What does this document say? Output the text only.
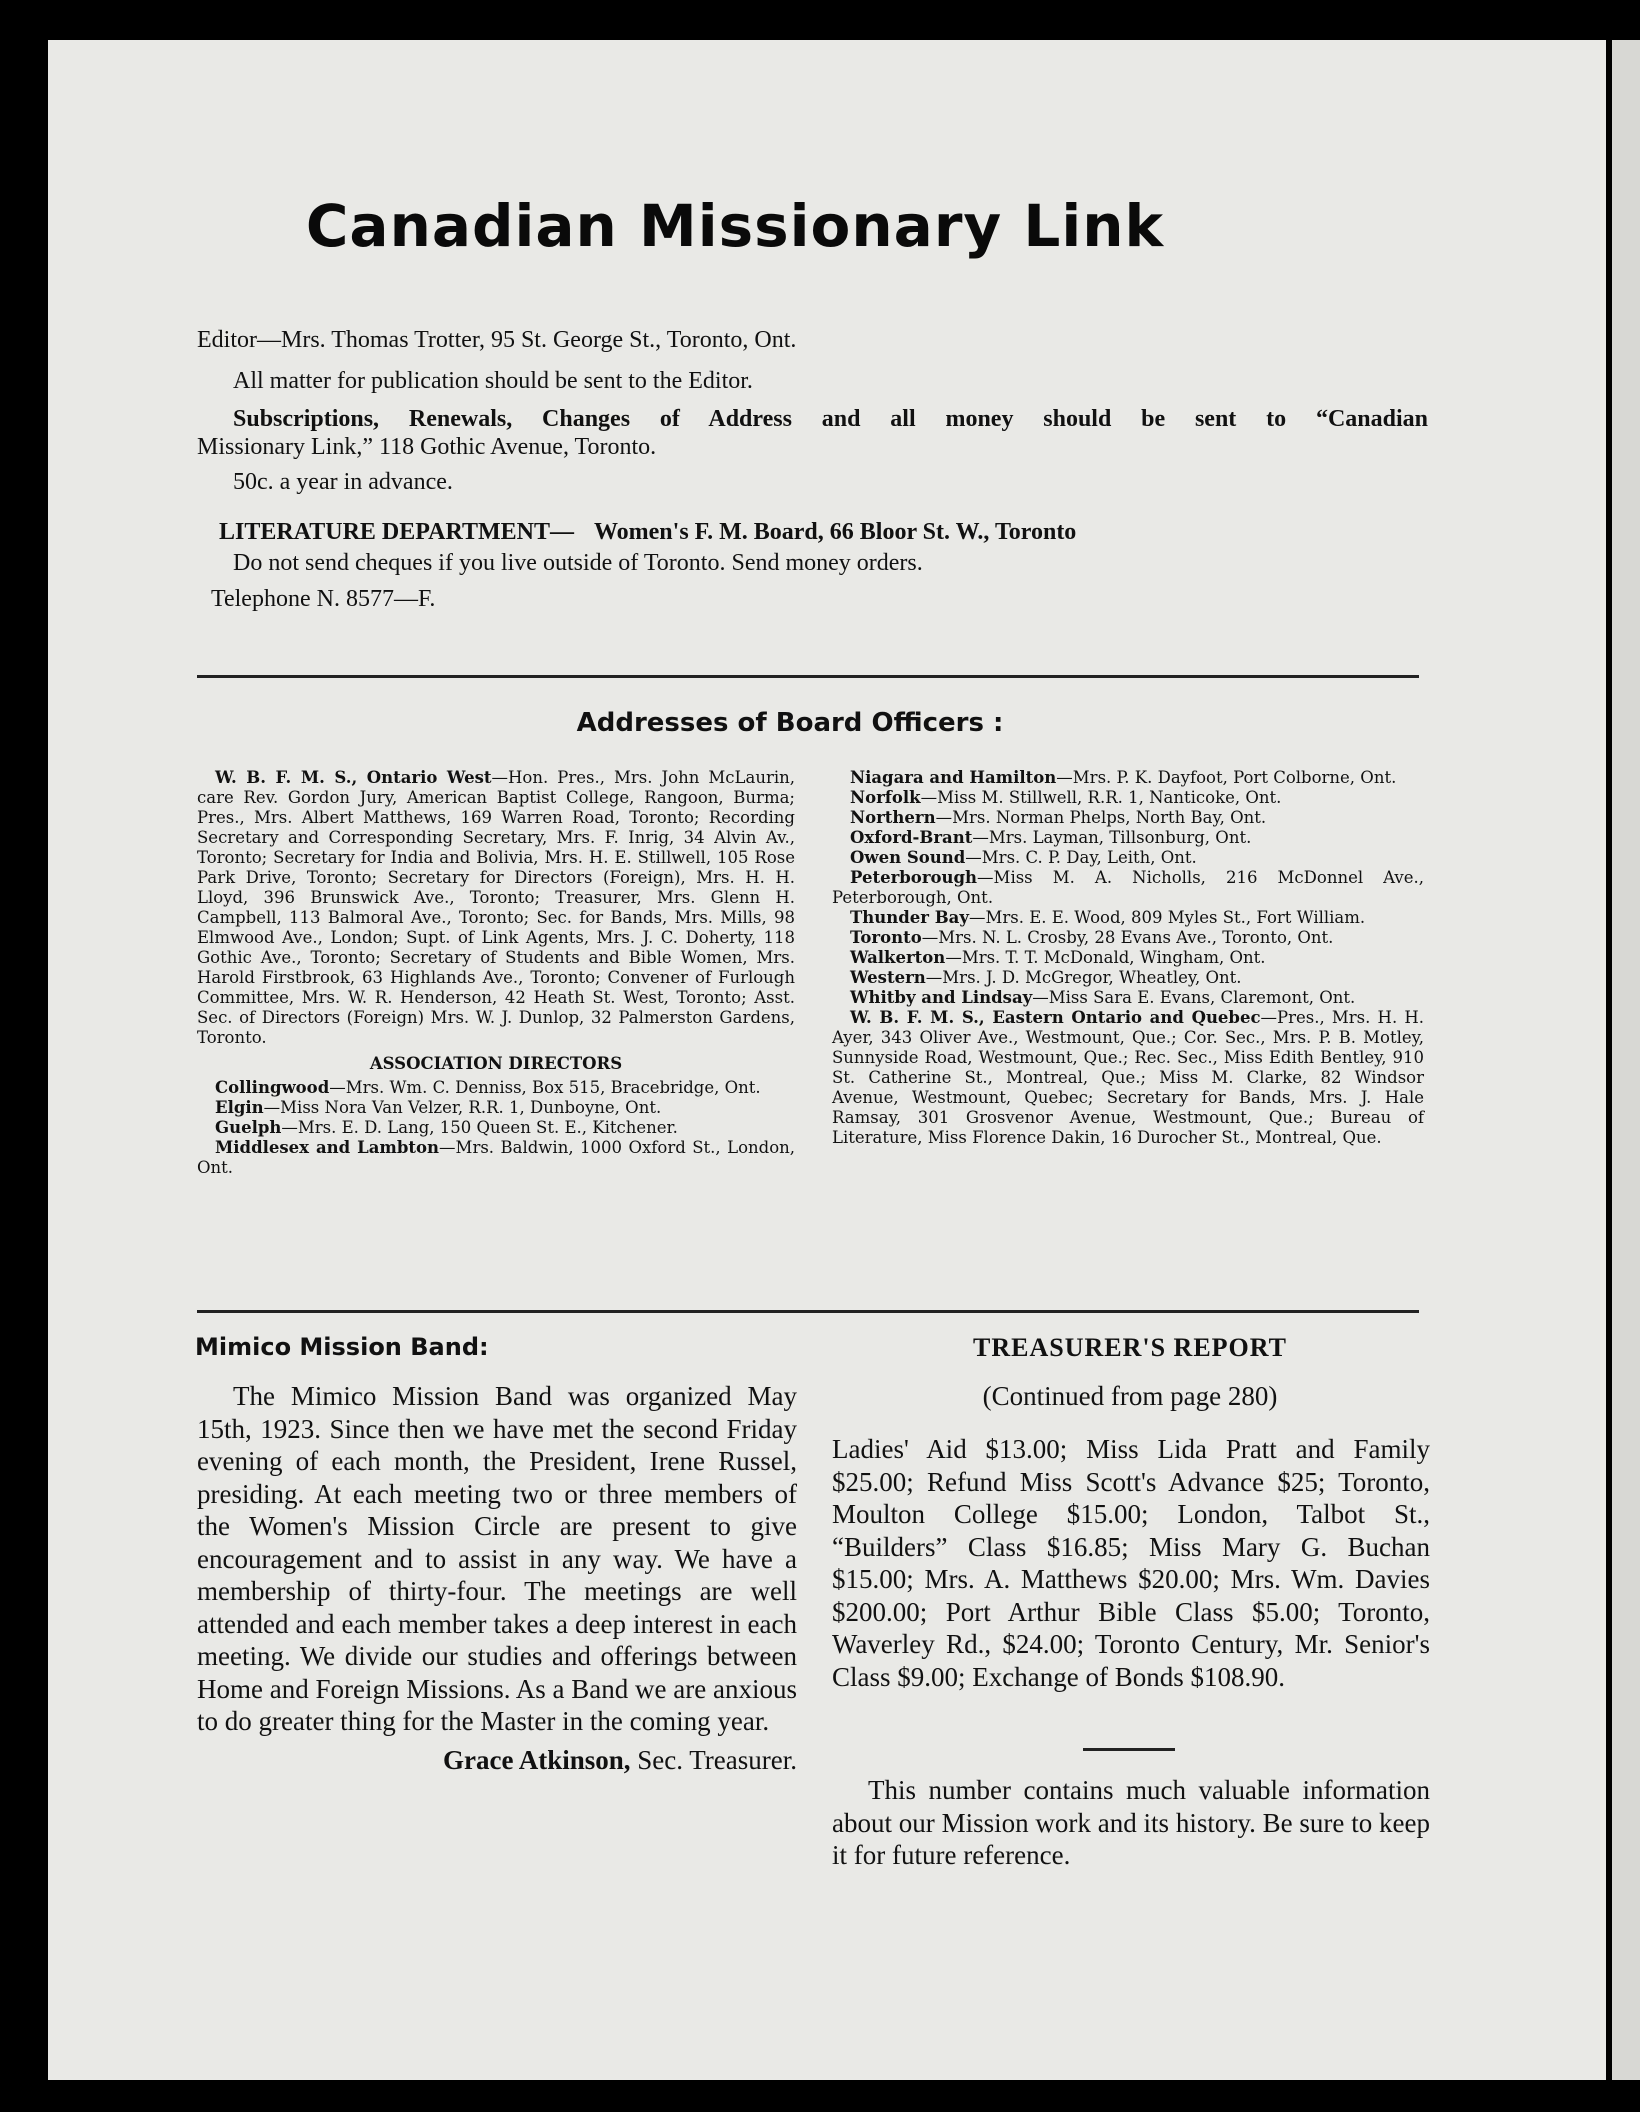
Canadian Missionary Link
Editor—Mrs. Thomas Trotter, 95 St. George St., Toronto, Ont.
All matter for publication should be sent to the Editor.
Subscriptions, Renewals, Changes of Address and all money should be sent to “Canadian
Missionary Link,” 118 Gothic Avenue, Toronto.
50c. a year in advance.
LITERATURE DEPARTMENT— Women's F. M. Board, 66 Bloor St. W., Toronto
Do not send cheques if you live outside of Toronto. Send money orders.
Telephone N. 8577—F.
Addresses of Board Officers :

W. B. F. M. S., Ontario West—Hon. Pres., Mrs. John McLaurin, care Rev. Gordon Jury, American Baptist College, Rangoon, Burma; Pres., Mrs. Albert Matthews, 169 Warren Road, Toronto; Recording Secretary and Corresponding Secretary, Mrs. F. Inrig, 34 Alvin Av., Toronto; Secretary for India and Bolivia, Mrs. H. E. Stillwell, 105 Rose Park Drive, Toronto; Secretary for Directors (Foreign), Mrs. H. H. Lloyd, 396 Brunswick Ave., Toronto; Treasurer, Mrs. Glenn H. Campbell, 113 Balmoral Ave., Toronto; Sec. for Bands, Mrs. Mills, 98 Elmwood Ave., London; Supt. of Link Agents, Mrs. J. C. Doherty, 118 Gothic Ave., Toronto; Secretary of Students and Bible Women, Mrs. Harold Firstbrook, 63 Highlands Ave., Toronto; Convener of Furlough Committee, Mrs. W. R. Henderson, 42 Heath St. West, Toronto; Asst. Sec. of Directors (Foreign) Mrs. W. J. Dunlop, 32 Palmerston Gardens, Toronto.

ASSOCIATION DIRECTORS

Collingwood—Mrs. Wm. C. Denniss, Box 515, Bracebridge, Ont.

Elgin—Miss Nora Van Velzer, R.R. 1, Dunboyne, Ont.

Guelph—Mrs. E. D. Lang, 150 Queen St. E., Kitchener.

Middlesex and Lambton—Mrs. Baldwin, 1000 Oxford St., London, Ont.

Niagara and Hamilton—Mrs. P. K. Dayfoot, Port Colborne, Ont.

Norfolk—Miss M. Stillwell, R.R. 1, Nanticoke, Ont.

Northern—Mrs. Norman Phelps, North Bay, Ont.

Oxford-Brant—Mrs. Layman, Tillsonburg, Ont.

Owen Sound—Mrs. C. P. Day, Leith, Ont.

Peterborough—Miss M. A. Nicholls, 216 McDonnel Ave., Peterborough, Ont.

Thunder Bay—Mrs. E. E. Wood, 809 Myles St., Fort William.

Toronto—Mrs. N. L. Crosby, 28 Evans Ave., Toronto, Ont.

Walkerton—Mrs. T. T. McDonald, Wingham, Ont.

Western—Mrs. J. D. McGregor, Wheatley, Ont.

Whitby and Lindsay—Miss Sara E. Evans, Claremont, Ont.

W. B. F. M. S., Eastern Ontario and Quebec—Pres., Mrs. H. H. Ayer, 343 Oliver Ave., Westmount, Que.; Cor. Sec., Mrs. P. B. Motley, Sunnyside Road, Westmount, Que.; Rec. Sec., Miss Edith Bentley, 910 St. Catherine St., Montreal, Que.; Miss M. Clarke, 82 Windsor Avenue, Westmount, Quebec; Secretary for Bands, Mrs. J. Hale Ramsay, 301 Grosvenor Avenue, Westmount, Que.; Bureau of Literature, Miss Florence Dakin, 16 Durocher St., Montreal, Que.

Mimico Mission Band:

The Mimico Mission Band was organized May 15th, 1923. Since then we have met the second Friday evening of each month, the President, Irene Russel, presiding. At each meeting two or three members of the Women's Mission Circle are present to give encouragement and to assist in any way. We have a membership of thirty-four. The meetings are well attended and each member takes a deep interest in each meeting. We divide our studies and offerings between Home and Foreign Missions. As a Band we are anxious to do greater thing for the Master in the coming year.

Grace Atkinson, Sec. Treasurer.

TREASURER'S REPORT
(Continued from page 280)

Ladies' Aid $13.00; Miss Lida Pratt and Family $25.00; Refund Miss Scott's Advance $25; Toronto, Moulton College $15.00; London, Talbot St., “Builders” Class $16.85; Miss Mary G. Buchan $15.00; Mrs. A. Matthews $20.00; Mrs. Wm. Davies $200.00; Port Arthur Bible Class $5.00; Toronto, Waverley Rd., $24.00; Toronto Century, Mr. Senior's Class $9.00; Exchange of Bonds $108.90.

This number contains much valuable information about our Mission work and its history. Be sure to keep it for future reference.
